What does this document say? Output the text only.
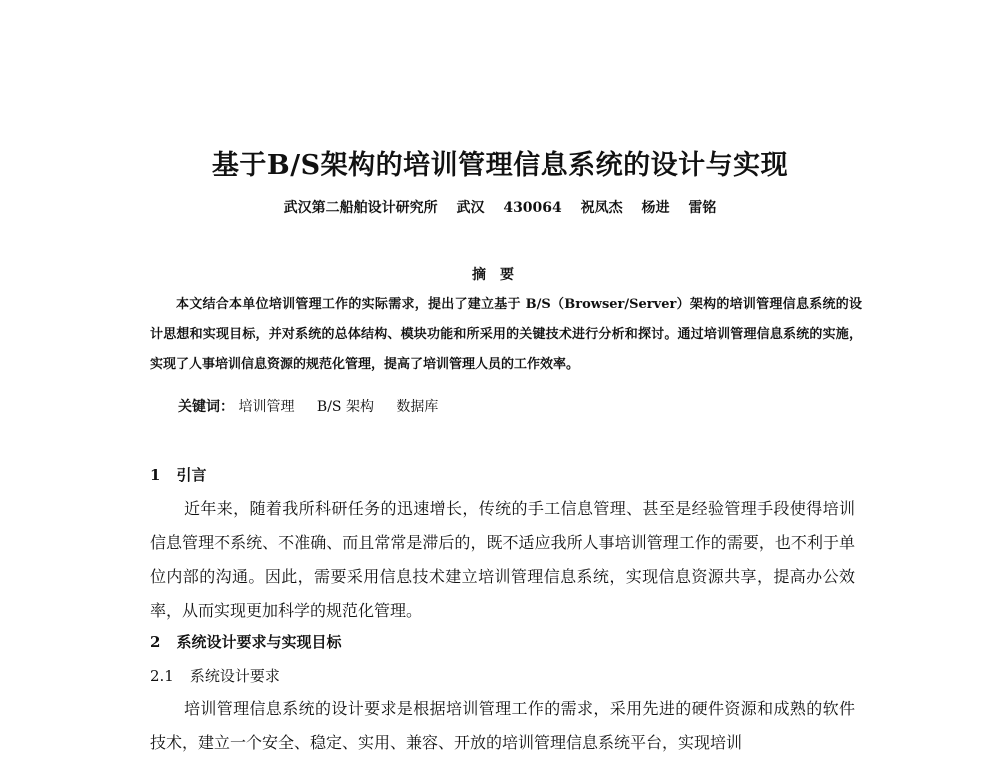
基于B/S架构的培训管理信息系统的设计与实现
武汉第二船舶设计研究所 武汉 430064 祝凤杰 杨进 雷铭
摘要
本文结合本单位培训管理工作的实际需求，提出了建立基于 B/S（Browser/Server）架构的培训管理信息系统的设计思想和实现目标，并对系统的总体结构、模块功能和所采用的关键技术进行分析和探讨。通过培训管理信息系统的实施，实现了人事培训信息资源的规范化管理，提高了培训管理人员的工作效率。
关键词： 培训管理 B/S 架构 数据库
1 引言
近年来，随着我所科研任务的迅速增长，传统的手工信息管理、甚至是经验管理手段使得培训信息管理不系统、不准确、而且常常是滞后的，既不适应我所人事培训管理工作的需要，也不利于单位内部的沟通。因此，需要采用信息技术建立培训管理信息系统，实现信息资源共享，提高办公效率，从而实现更加科学的规范化管理。
2 系统设计要求与实现目标
2.1 系统设计要求
培训管理信息系统的设计要求是根据培训管理工作的需求，采用先进的硬件资源和成熟的软件技术，建立一个安全、稳定、实用、兼容、开放的培训管理信息系统平台，实现培训
